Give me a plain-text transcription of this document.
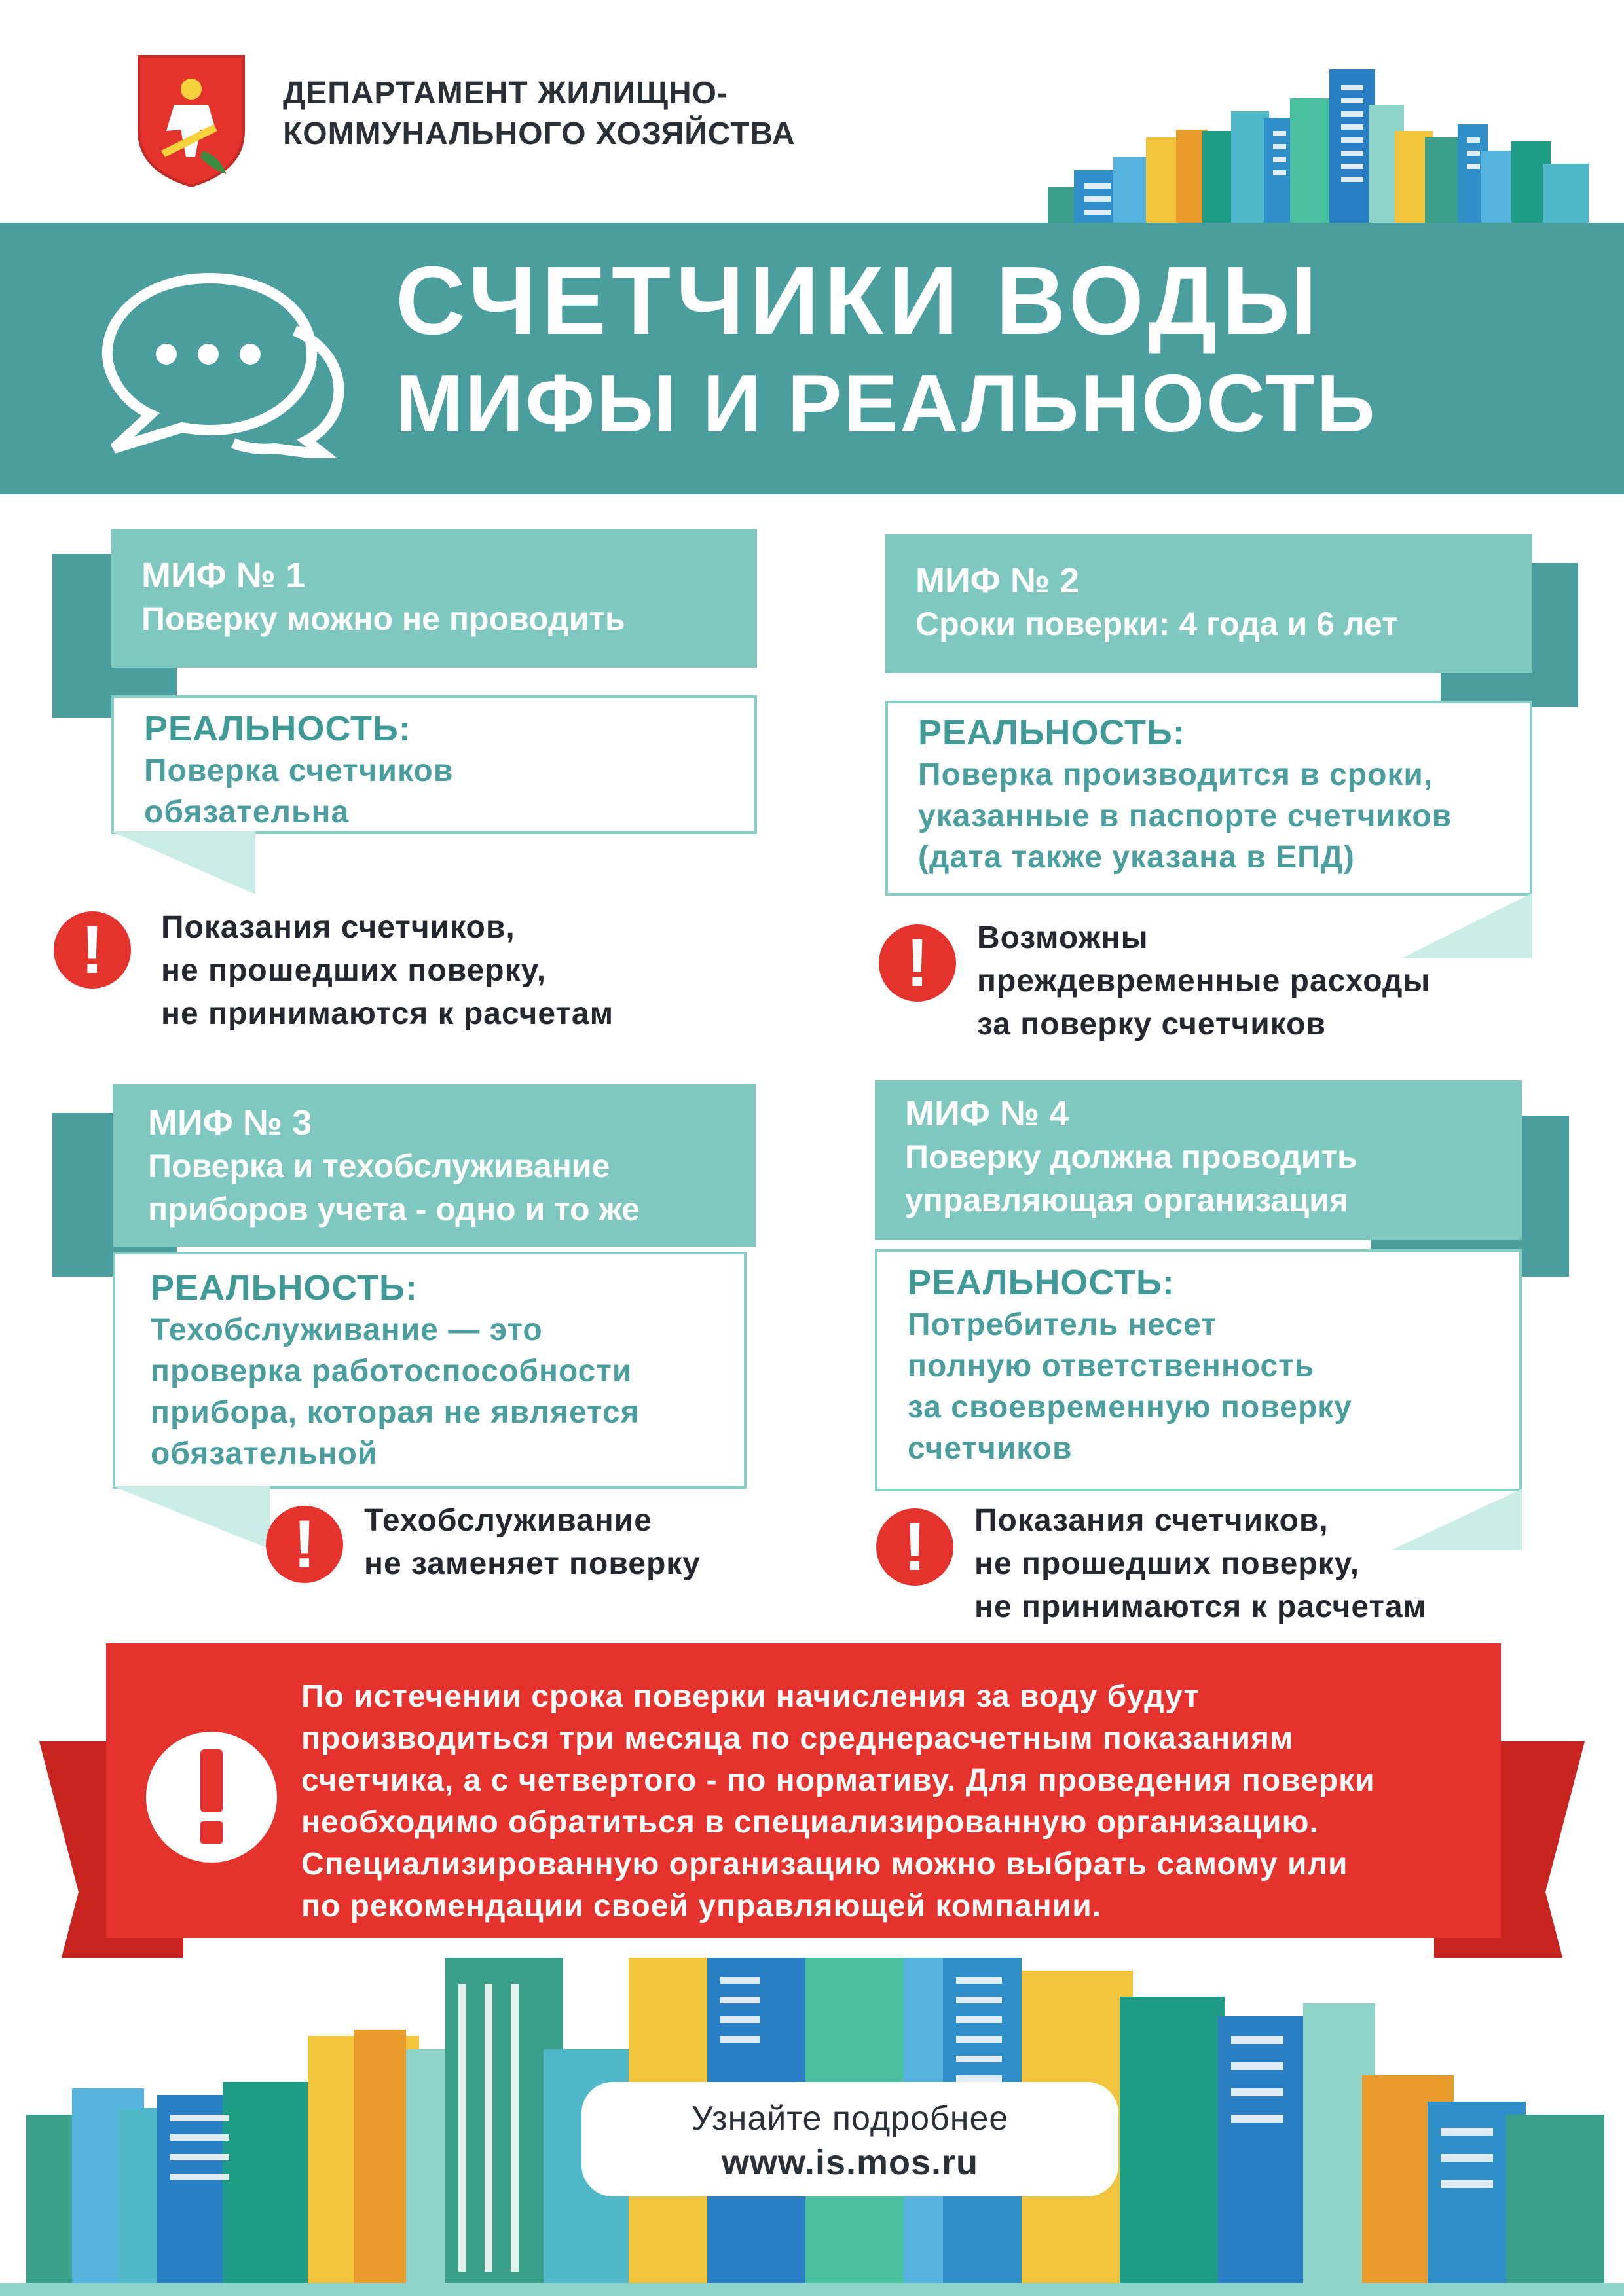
ДЕПАРТАМЕНТ ЖИЛИЩНО-
КОММУНАЛЬНОГО ХОЗЯЙСТВА
СЧЕТЧИКИ ВОДЫ
МИФЫ И РЕАЛЬНОСТЬ
МИФ № 1
Поверку можно не проводить
РЕАЛЬНОСТЬ:
Поверка счетчиков
обязательна
!	Показания счетчиков,
не прошедших поверку,
не принимаются к расчетам
МИФ № 2
Сроки поверки: 4 года и 6 лет
РЕАЛЬНОСТЬ:
Поверка производится в сроки,
указанные в паспорте счетчиков
(дата также указана в ЕПД)
!	Возможны
преждевременные расходы
за поверку счетчиков
МИФ № 3
Поверка и техобслуживание
приборов учета - одно и то же
РЕАЛЬНОСТЬ:
Техобслуживание — это
проверка работоспособности
прибора, которая не является
обязательной
!	Техобслуживание
не заменяет поверку
МИФ № 4
Поверку должна проводить
управляющая организация
РЕАЛЬНОСТЬ:
Потребитель несет
полную ответственность
за своевременную поверку
счетчиков
!	Показания счетчиков,
не прошедших поверку,
не принимаются к расчетам
По истечении срока поверки начисления за воду будут
производиться три месяца по среднерасчетным показаниям
счетчика, а с четвертого - по нормативу. Для проведения поверки
необходимо обратиться в специализированную организацию.
Специализированную организацию можно выбрать самому или
по рекомендации своей управляющей компании.
Узнайте подробнее
www.is.mos.ru
